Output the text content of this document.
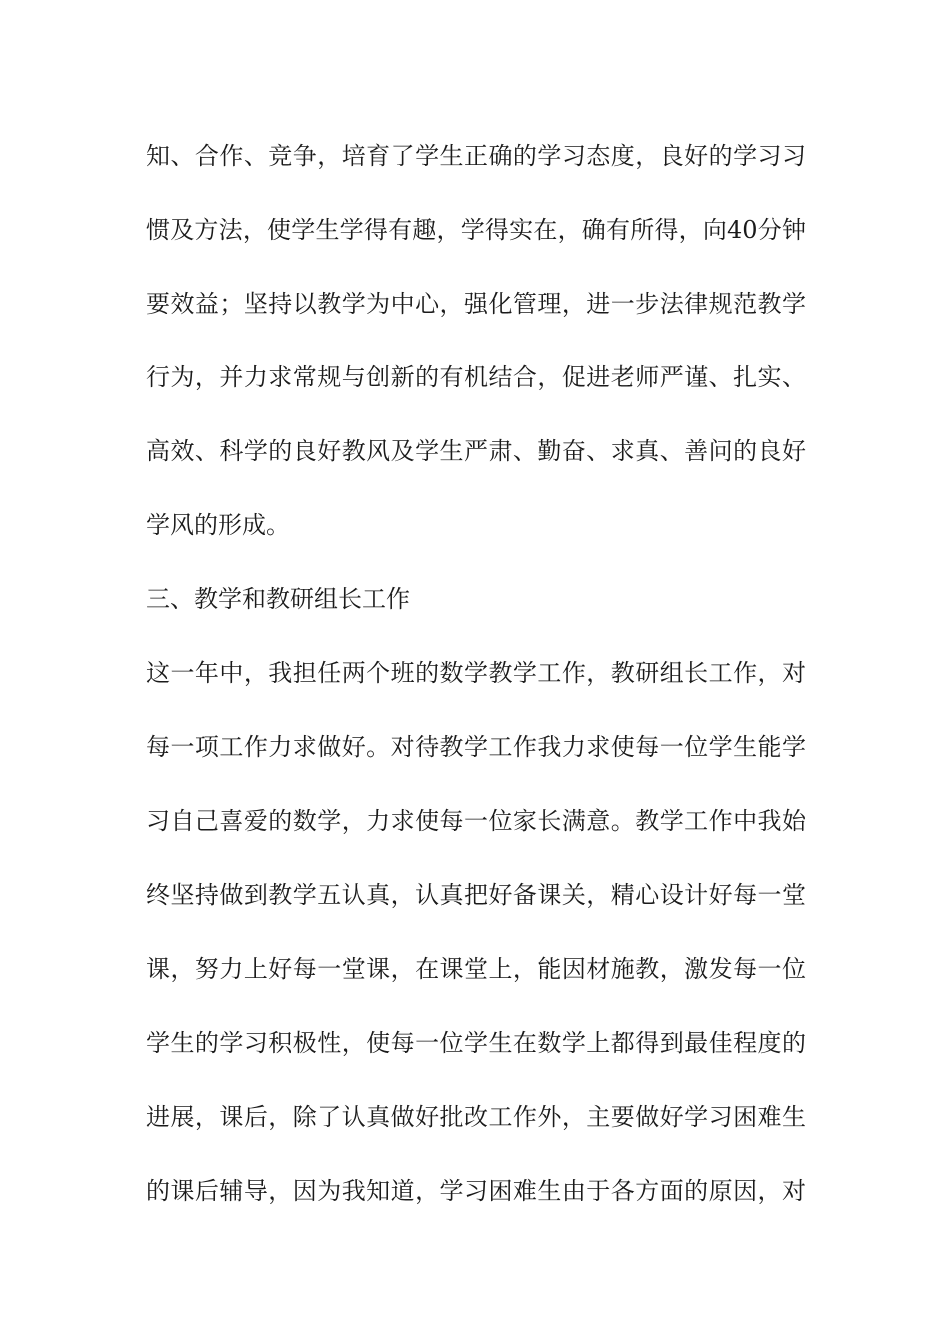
知、合作、竞争，培育了学生正确的学习态度，良好的学习习
惯及方法，使学生学得有趣，学得实在，确有所得，向40分钟
要效益；坚持以教学为中心，强化管理，进一步法律规范教学
行为，并力求常规与创新的有机结合，促进老师严谨、扎实、
高效、科学的良好教风及学生严肃、勤奋、求真、善问的良好
学风的形成。
三、教学和教研组长工作
这一年中，我担任两个班的数学教学工作，教研组长工作，对
每一项工作力求做好。对待教学工作我力求使每一位学生能学
习自己喜爱的数学，力求使每一位家长满意。教学工作中我始
终坚持做到教学五认真，认真把好备课关，精心设计好每一堂
课，努力上好每一堂课，在课堂上，能因材施教，激发每一位
学生的学习积极性，使每一位学生在数学上都得到最佳程度的
进展，课后，除了认真做好批改工作外，主要做好学习困难生
的课后辅导，因为我知道，学习困难生由于各方面的原因，对
